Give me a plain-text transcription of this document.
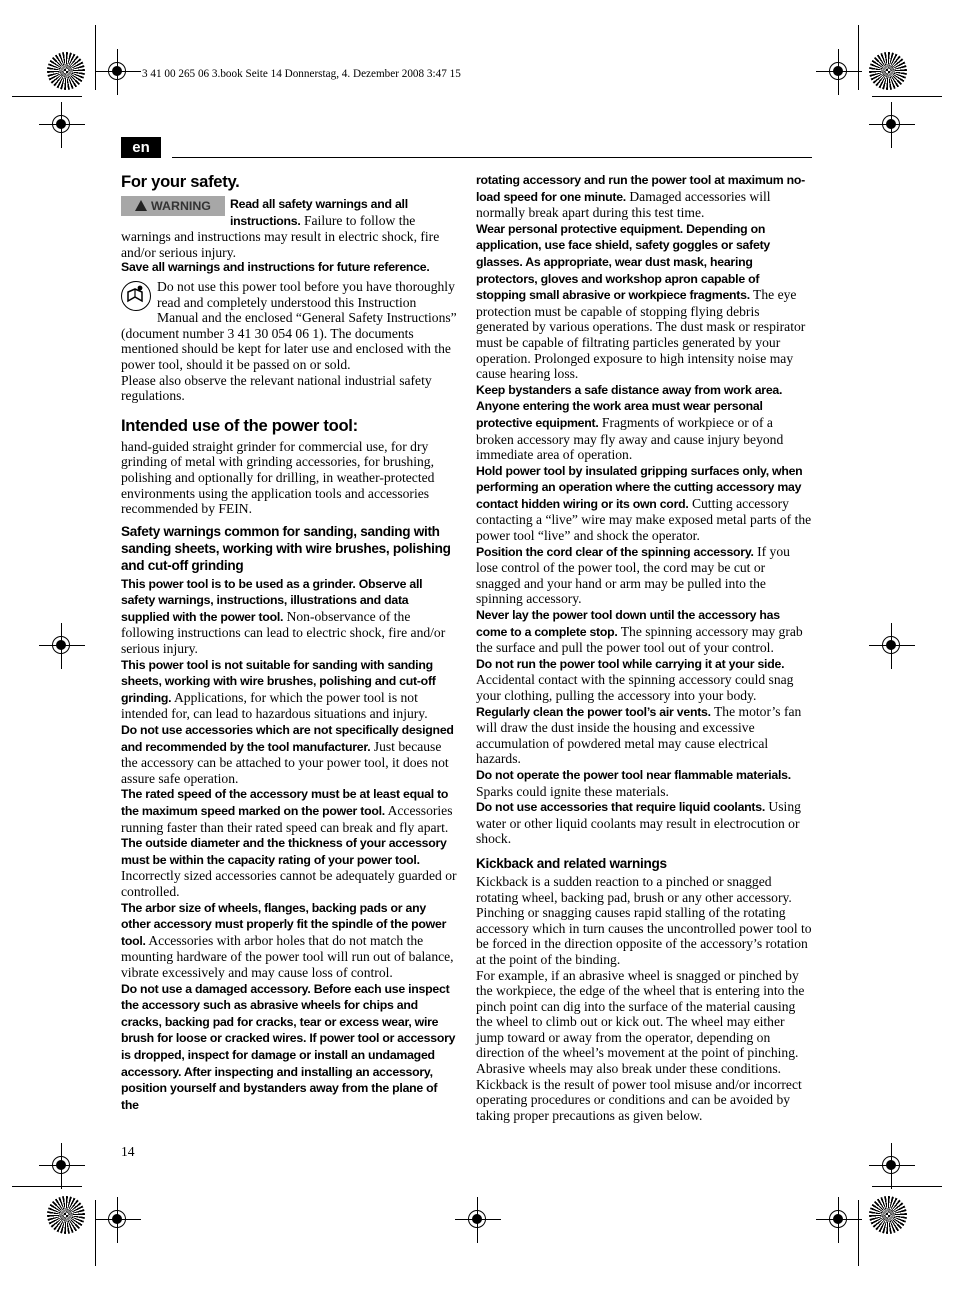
3 41 00 265 06 3.book Seite 14 Donnerstag, 4. Dezember 2008 3:47 15
en

For your safety.

WARNING	Read all safety warnings and all instructions. Failure to follow the warnings and instructions may result in electric shock, fire and/or serious injury.

Save all warnings and instructions for future reference.

Do not use this power tool before you have thoroughly read and completely understood this Instruction Manual and the enclosed “General Safety Instructions” (document number 3 41 30 054 06 1). The documents mentioned should be kept for later use and enclosed with the power tool, should it be passed on or sold.

Please also observe the relevant national industrial safety regulations.

Intended use of the power tool:

hand-guided straight grinder for commercial use, for dry grinding of metal with grinding accessories, for brushing, polishing and optionally for drilling, in weather-protected environments using the application tools and accessories recommended by FEIN.

Safety warnings common for sanding, sanding with sanding sheets, working with wire brushes, polishing and cut-off grinding

This power tool is to be used as a grinder. Observe all safety warnings, instructions, illustrations and data supplied with the power tool. Non-observance of the following instructions can lead to electric shock, fire and/or serious injury.

This power tool is not suitable for sanding with sanding sheets, working with wire brushes, polishing and cut-off grinding. Applications, for which the power tool is not intended for, can lead to hazardous situations and injury.

Do not use accessories which are not specifically designed and recommended by the tool manufacturer. Just because the accessory can be attached to your power tool, it does not assure safe operation.

The rated speed of the accessory must be at least equal to the maximum speed marked on the power tool. Accessories running faster than their rated speed can break and fly apart.

The outside diameter and the thickness of your accessory must be within the capacity rating of your power tool. Incorrectly sized accessories cannot be adequately guarded or controlled.

The arbor size of wheels, flanges, backing pads or any other accessory must properly fit the spindle of the power tool. Accessories with arbor holes that do not match the mounting hardware of the power tool will run out of balance, vibrate excessively and may cause loss of control.

Do not use a damaged accessory. Before each use inspect the accessory such as abrasive wheels for chips and cracks, backing pad for cracks, tear or excess wear, wire brush for loose or cracked wires. If power tool or accessory is dropped, inspect for damage or install an undamaged accessory. After inspecting and installing an accessory, position yourself and bystanders away from the plane of the

rotating accessory and run the power tool at maximum no-load speed for one minute. Damaged accessories will normally break apart during this test time.

Wear personal protective equipment. Depending on application, use face shield, safety goggles or safety glasses. As appropriate, wear dust mask, hearing protectors, gloves and workshop apron capable of stopping small abrasive or workpiece fragments. The eye protection must be capable of stopping flying debris generated by various operations. The dust mask or respirator must be capable of filtrating particles generated by your operation. Prolonged exposure to high intensity noise may cause hearing loss.

Keep bystanders a safe distance away from work area. Anyone entering the work area must wear personal protective equipment. Fragments of workpiece or of a broken accessory may fly away and cause injury beyond immediate area of operation.

Hold power tool by insulated gripping surfaces only, when performing an operation where the cutting accessory may contact hidden wiring or its own cord. Cutting accessory contacting a “live” wire may make exposed metal parts of the power tool “live” and shock the operator.

Position the cord clear of the spinning accessory. If you lose control of the power tool, the cord may be cut or snagged and your hand or arm may be pulled into the spinning accessory.

Never lay the power tool down until the accessory has come to a complete stop. The spinning accessory may grab the surface and pull the power tool out of your control.

Do not run the power tool while carrying it at your side.
Accidental contact with the spinning accessory could snag your clothing, pulling the accessory into your body.

Regularly clean the power tool’s air vents. The motor’s fan will draw the dust inside the housing and excessive accumulation of powdered metal may cause electrical hazards.

Do not operate the power tool near flammable materials.
Sparks could ignite these materials.

Do not use accessories that require liquid coolants. Using water or other liquid coolants may result in electrocution or shock.

Kickback and related warnings

Kickback is a sudden reaction to a pinched or snagged rotating wheel, backing pad, brush or any other accessory. Pinching or snagging causes rapid stalling of the rotating accessory which in turn causes the uncontrolled power tool to be forced in the direction opposite of the accessory’s rotation at the point of the binding.

For example, if an abrasive wheel is snagged or pinched by the workpiece, the edge of the wheel that is entering into the pinch point can dig into the surface of the material causing the wheel to climb out or kick out. The wheel may either jump toward or away from the operator, depending on direction of the wheel’s movement at the point of pinching. Abrasive wheels may also break under these conditions.

Kickback is the result of power tool misuse and/or incorrect operating procedures or conditions and can be avoided by taking proper precautions as given below.

14
